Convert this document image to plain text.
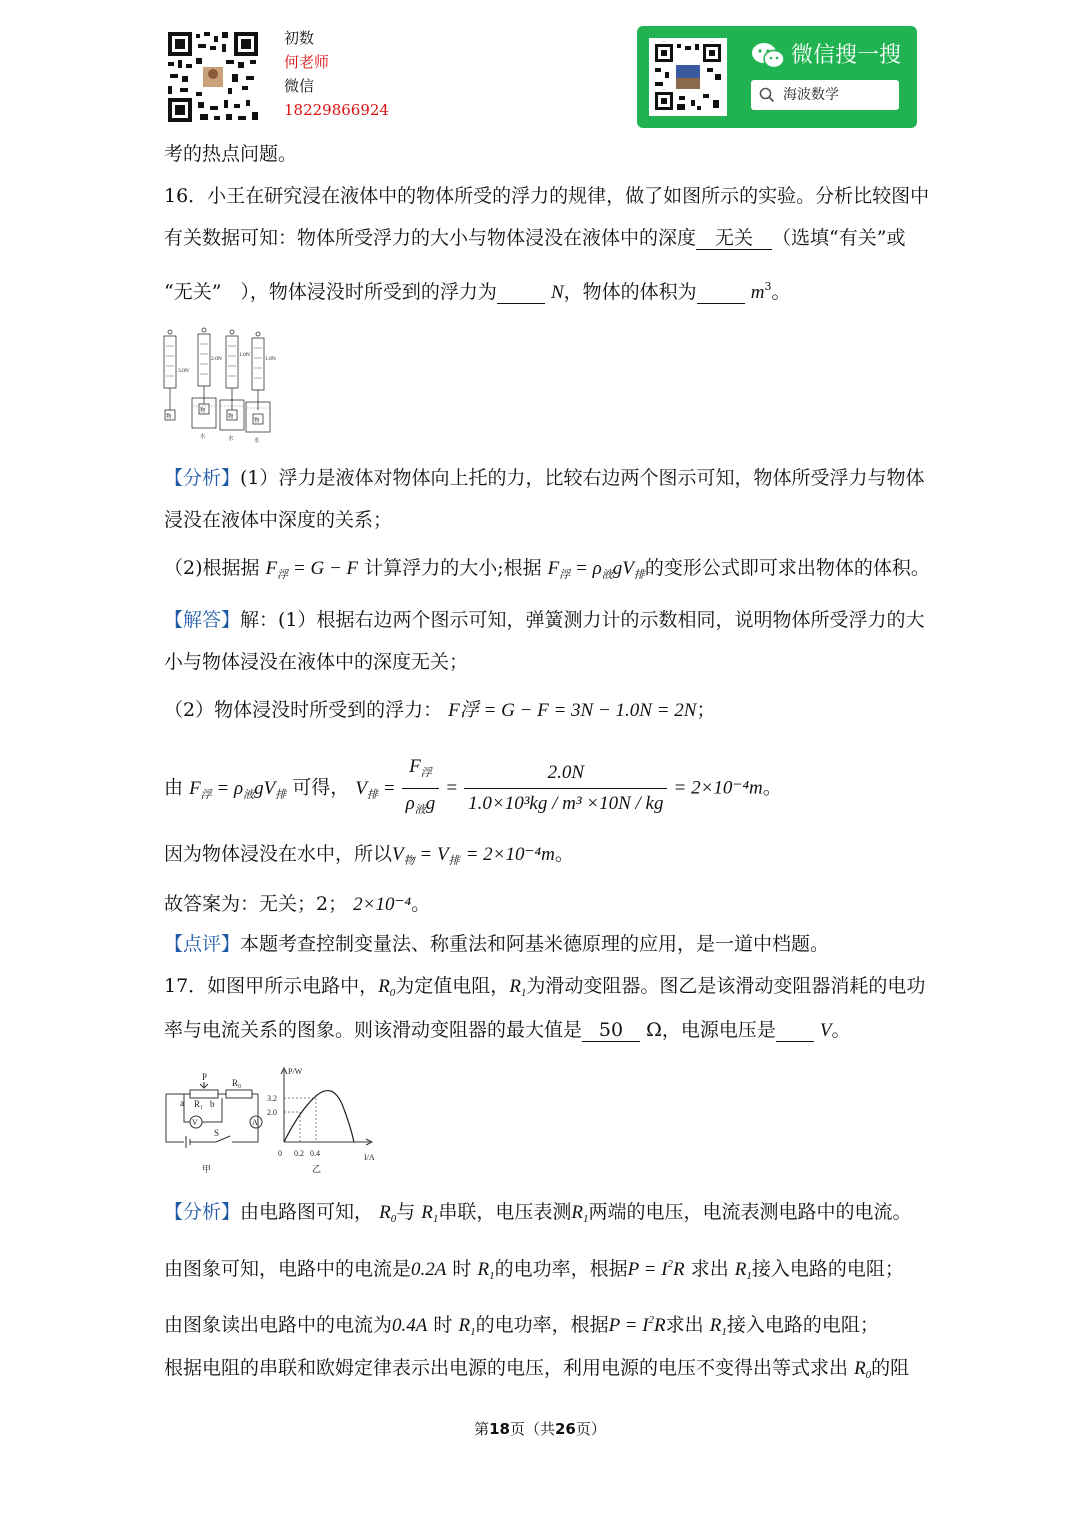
初数
何老师
微信
18229866924
微信搜一搜
海波数学
考的热点问题。
16．小王在研究浸在液体中的物体所受的浮力的规律，做了如图所示的实验。分析比较图中
有关数据可知：物体所受浮力的大小与物体浸没在液体中的深度 无关 （选填“有关”或
“无关”　），物体浸没时所受到的浮力为	N，物体的体积为	$m^3$。
3.0N
2.0N
1.0N
1.0N
物
物
物
物
水	水	水
【分析】(1）浮力是液体对物体向上托的力，比较右边两个图示可知，物体所受浮力与物体
浸没在液体中深度的关系；
（2)根据据 $F_浮 = G - F$ 计算浮力的大小;根据 $F_浮 = \rho_液gV_排$的变形公式即可求出物体的体积。
【解答】解：(1）根据右边两个图示可知，弹簧测力计的示数相同，说明物体所受浮力的大
小与物体浸没在液体中的深度无关；
（2）物体浸没时所受到的浮力： F浮 = G − F = 3N − 1.0N = 2N；
由 $F_浮 = \rho_液gV_排$ 可得， $V_排 = \frac{F_浮}{\rho_液g} = \frac{2.0N}{\text{1.0×10³kg / m³ ×10N / kg}} = 2\times 10^{-4}m$。
因为物体浸没在水中，所以$V_物 = V_排 = 2\times 10^{-4}m$。
故答案为：无关；2； 2×10⁻⁴。
【点评】本题考查控制变量法、称重法和阿基米德原理的应用，是一道中档题。
17．如图甲所示电路中，$R_0$为定值电阻，$R_1$为滑动变阻器。图乙是该滑动变阻器消耗的电功
率与电流关系的图象。则该滑动变阻器的最大值是 50 Ω，电源电压是 V。
P
R₀
a R₁ b
V
S
A
甲
P/W
I/A
3.2
2.0
0 0.2 0.4
乙
【分析】由电路图可知， $R_0$与 $R_1$串联，电压表测$R_1$两端的电压，电流表测电路中的电流。
由图象可知，电路中的电流是0.2A 时 $R_1$的电功率，根据$P = I^2R$ 求出 $R_1$接入电路的电阻；
由图象读出电路中的电流为0.4A 时 $R_1$的电功率，根据$P = I^2R$求出 $R_1$接入电路的电阻；
根据电阻的串联和欧姆定律表示出电源的电压，利用电源的电压不变得出等式求出 $R_0$的阻
第18页（共26页）
